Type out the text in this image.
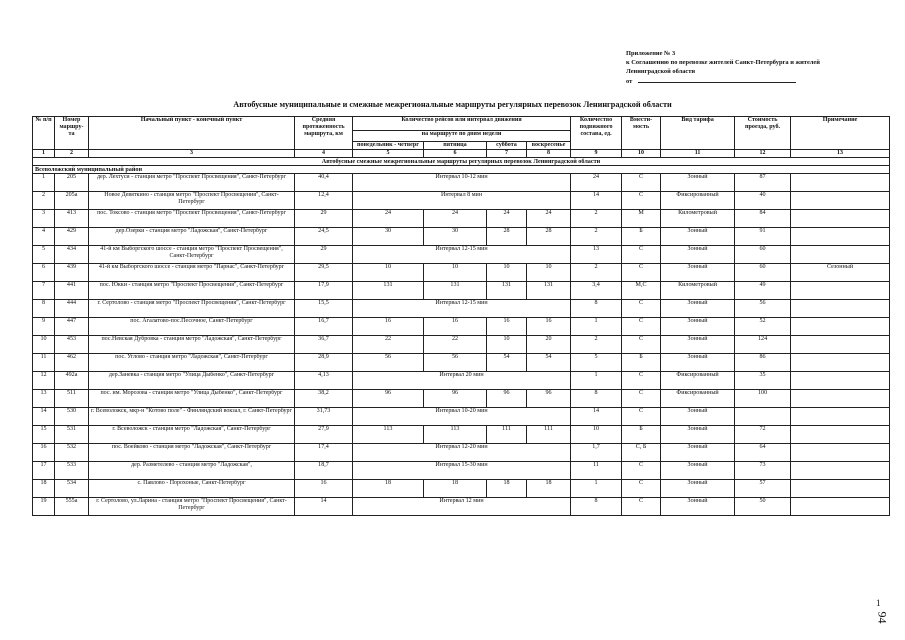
Приложение № 3
к Соглашению по перевозке жителей Санкт-Петербурга и жителей
Ленинградской области
от
Автобусные муниципальные и смежные межрегиональные маршруты регулярных перевозок Ленинградской области
№ п/п	Номер маршру-та	Начальный пункт - конечный пункт	Средняя протяженность маршрута, км	Количество рейсов или интервал движения				Количество подвижного состава, ед.	Вмести-мость	Вид тарифа	Стоимость проезда, руб.	Примечание
				на маршруте по дням недели								
				понедельник - четверг	пятница	суббота	воскресенье					
1	2	3	4	5	6	7	8	9	10	11	12	13
Автобусные смежные межрегиональные маршруты регулярных перевозок Ленинградской области												
Всеволожский муниципальный район												
1	205	дер. Лехтуси - станция метро "Проспект Просвещения", Санкт-Петербург	40,4	Интервал 10-12 мин				24	С	Зонный	87	
2	205а	Новое Девяткино - станция метро "Проспект Просвещения", Санкт-Петербург	12,4	Интервал 8 мин				14	С	Фиксированный	40	
3	413	пос. Токсово - станция метро "Проспект Просвещения", Санкт-Петербург	29	24	24	24	24	2	М	Километровый	84	
4	429	дер.Озерки - станция метро "Ладожская", Санкт-Петербург	24,5	30	30	28	28	2	Б	Зонный	91	
5	434	41-й км Выборгского шоссе - станция метро "Проспект Просвещения", Санкт-Петербург	29	Интервал 12-15 мин				13	С	Зонный	60	
6	439	41-й км Выборгского шоссе - станция метро "Парнас", Санкт-Петербург	29,5	10	10	10	10	2	С	Зонный	60	Сезонный
7	441	пос. Юкки - станция метро "Проспект Просвещения", Санкт-Петербург	17,9	131	131	131	131	3,4	М,С	Километровый	49	
8	444	г. Сертолово - станция метро "Проспект Просвещения", Санкт-Петербург	15,5	Интервал 12-15 мин				8	С	Зонный	56	
9	447	пос. Агалатово-пос.Песочное, Санкт-Петербург	16,7	16	16	16	16	1	С	Зонный	52	
10	453	пос.Невская Дубровка - станция метро "Ладожская", Санкт-Петербург	36,7	22	22	10	20	2	С	Зонный	124	
11	462	пос. Углово - станция метро "Ладожская", Санкт-Петербург	28,9	56	56	54	54	5	Б	Зонный	86	
12	492а	дер.Заневка - станция метро "Улица Дыбенко", Санкт-Петербург	4,13	Интервал 20 мин				1	С	Фиксированный	35	
13	511	пос. им. Морозова - станция метро "Улица Дыбенко", Санкт-Петербург	38,2	96	96	96	96	8	С	Фиксированный	100	
14	530	г. Всеволожск, мкр-н "Котово поле" - Финляндский вокзал, г. Санкт-Петербург	31,73	Интервал 10-20 мин				14	С	Зонный		
15	531	г. Всеволожск - станция метро "Ладожская", Санкт-Петербург	27,9	113	113	111	111	10	Б	Зонный	72	
16	532	пос. Воейково - станция метро "Ладожская", Санкт-Петербург	17,4	Интервал 12-20 мин				1,7	С, Б	Зонный	64	
17	533	дер. Разметелево - станция метро "Ладожская",	18,7	Интервал 15-30 мин				11	С	Зонный	73	
18	534	с. Павлово - Порохоные, Санкт-Петербург	16	18	18	18	18	1	С	Зонный	57	
19	555а	г. Сертолово, ул.Ларина - станция метро "Проспект Просвещения", Санкт-Петербург	14	Интервал 12 мин				8	С	Зонный	50	
1
94
